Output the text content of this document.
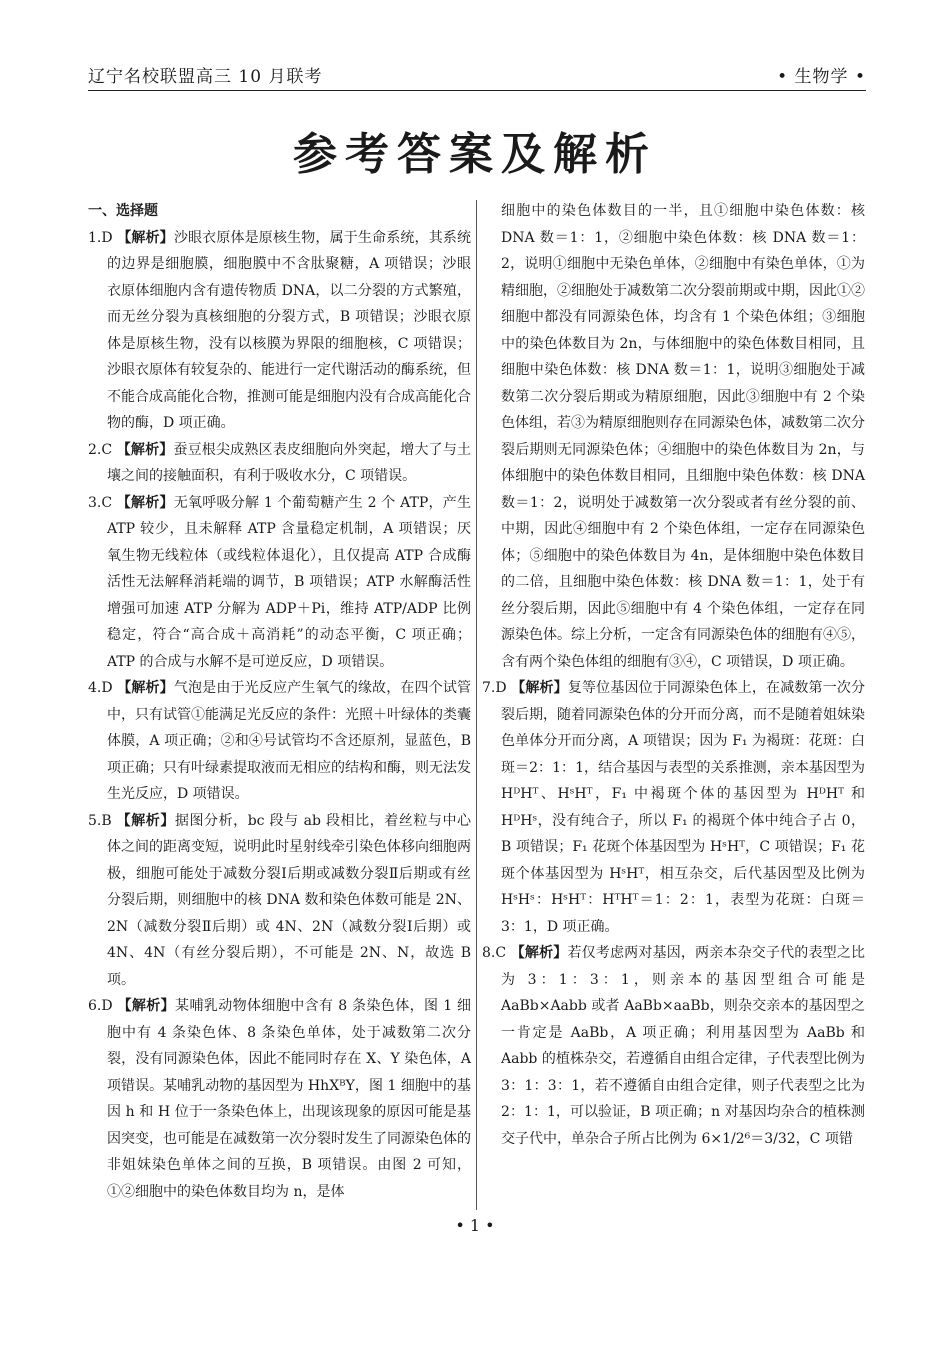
辽宁名校联盟高三 10 月联考	• 生物学 •
参考答案及解析
一、选择题
1.D 【解析】沙眼衣原体是原核生物，属于生命系统，其系统的边界是细胞膜，细胞膜中不含肽聚糖，A 项错误；沙眼衣原体细胞内含有遗传物质 DNA，以二分裂的方式繁殖，而无丝分裂为真核细胞的分裂方式，B 项错误；沙眼衣原体是原核生物，没有以核膜为界限的细胞核，C 项错误；沙眼衣原体有较复杂的、能进行一定代谢活动的酶系统，但不能合成高能化合物，推测可能是细胞内没有合成高能化合物的酶，D 项正确。
2.C 【解析】蚕豆根尖成熟区表皮细胞向外突起，增大了与土壤之间的接触面积，有利于吸收水分，C 项错误。
3.C 【解析】无氧呼吸分解 1 个葡萄糖产生 2 个 ATP，产生 ATP 较少，且未解释 ATP 含量稳定机制，A 项错误；厌氧生物无线粒体（或线粒体退化），且仅提高 ATP 合成酶活性无法解释消耗端的调节，B 项错误；ATP 水解酶活性增强可加速 ATP 分解为 ADP＋Pi，维持 ATP/ADP 比例稳定，符合“高合成＋高消耗”的动态平衡，C 项正确；ATP 的合成与水解不是可逆反应，D 项错误。
4.D 【解析】气泡是由于光反应产生氧气的缘故，在四个试管中，只有试管①能满足光反应的条件：光照＋叶绿体的类囊体膜，A 项正确；②和④号试管均不含还原剂，显蓝色，B 项正确；只有叶绿素提取液而无相应的结构和酶，则无法发生光反应，D 项错误。
5.B 【解析】据图分析，bc 段与 ab 段相比，着丝粒与中心体之间的距离变短，说明此时星射线牵引染色体移向细胞两极，细胞可能处于减数分裂Ⅰ后期或减数分裂Ⅱ后期或有丝分裂后期，则细胞中的核 DNA 数和染色体数可能是 2N、2N（减数分裂Ⅱ后期）或 4N、2N（减数分裂Ⅰ后期）或 4N、4N（有丝分裂后期），不可能是 2N、N，故选 B 项。
6.D 【解析】某哺乳动物体细胞中含有 8 条染色体，图 1 细胞中有 4 条染色体、8 条染色单体，处于减数第二次分裂，没有同源染色体，因此不能同时存在 X、Y 染色体，A 项错误。某哺乳动物的基因型为 HhXᴮY，图 1 细胞中的基因 h 和 H 位于一条染色体上，出现该现象的原因可能是基因突变，也可能是在减数第一次分裂时发生了同源染色体的非姐妹染色单体之间的互换，B 项错误。由图 2 可知，①②细胞中的染色体数目均为 n，是体
细胞中的染色体数目的一半，且①细胞中染色体数：核 DNA 数＝1：1，②细胞中染色体数：核 DNA 数＝1：2，说明①细胞中无染色单体，②细胞中有染色单体，①为精细胞，②细胞处于减数第二次分裂前期或中期，因此①②细胞中都没有同源染色体，均含有 1 个染色体组；③细胞中的染色体数目为 2n，与体细胞中的染色体数目相同，且细胞中染色体数：核 DNA 数＝1：1，说明③细胞处于减数第二次分裂后期或为精原细胞，因此③细胞中有 2 个染色体组，若③为精原细胞则存在同源染色体，减数第二次分裂后期则无同源染色体；④细胞中的染色体数目为 2n，与体细胞中的染色体数目相同，且细胞中染色体数：核 DNA 数＝1：2，说明处于减数第一次分裂或者有丝分裂的前、中期，因此④细胞中有 2 个染色体组，一定存在同源染色体；⑤细胞中的染色体数目为 4n，是体细胞中染色体数目的二倍，且细胞中染色体数：核 DNA 数＝1：1，处于有丝分裂后期，因此⑤细胞中有 4 个染色体组，一定存在同源染色体。综上分析，一定含有同源染色体的细胞有④⑤，含有两个染色体组的细胞有③④，C 项错误，D 项正确。
7.D 【解析】复等位基因位于同源染色体上，在减数第一次分裂后期，随着同源染色体的分开而分离，而不是随着姐妹染色单体分开而分离，A 项错误；因为 F₁ 为褐斑：花斑：白斑＝2：1：1，结合基因与表型的关系推测，亲本基因型为 HᴰHᵀ、HˢHᵀ，F₁ 中褐斑个体的基因型为 HᴰHᵀ 和 HᴰHˢ，没有纯合子，所以 F₁ 的褐斑个体中纯合子占 0，B 项错误；F₁ 花斑个体基因型为 HˢHᵀ，C 项错误；F₁ 花斑个体基因型为 HˢHᵀ，相互杂交，后代基因型及比例为 HˢHˢ：HˢHᵀ：HᵀHᵀ＝1：2：1，表型为花斑：白斑＝3：1，D 项正确。
8.C 【解析】若仅考虑两对基因，两亲本杂交子代的表型之比为 3：1：3：1，则亲本的基因型组合可能是 AaBb×Aabb 或者 AaBb×aaBb，则杂交亲本的基因型之一肯定是 AaBb，A 项正确；利用基因型为 AaBb 和 Aabb 的植株杂交，若遵循自由组合定律，子代表型比例为 3：1：3：1，若不遵循自由组合定律，则子代表型之比为 2：1：1，可以验证，B 项正确；n 对基因均杂合的植株测交子代中，单杂合子所占比例为 6×1/2⁶＝3/32，C 项错
• 1 •
